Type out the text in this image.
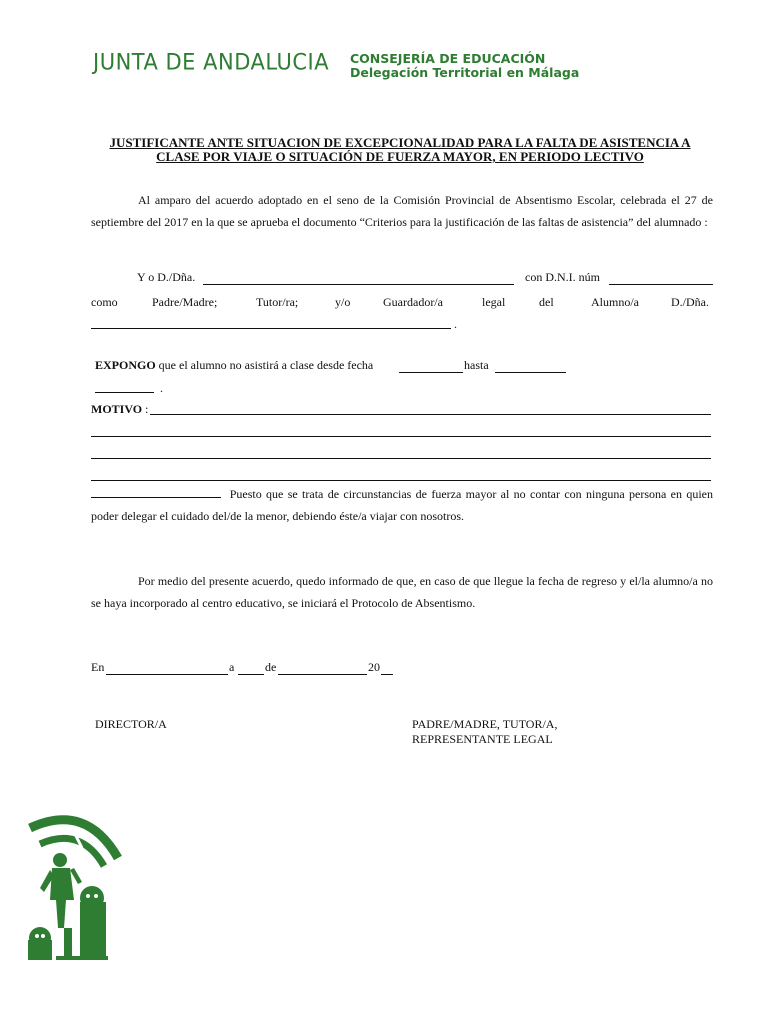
JUNTA DE ANDALUCIA CONSEJERÍA DE EDUCACIÓN
Delegación Territorial en Málaga
JUSTIFICANTE ANTE SITUACION DE EXCEPCIONALIDAD PARA LA FALTA DE ASISTENCIA A
CLASE POR VIAJE O SITUACIÓN DE FUERZA MAYOR, EN PERIODO LECTIVO
Al amparo del acuerdo adoptado en el seno de la Comisión Provincial de Absentismo Escolar, celebrada el 27 de septiembre del 2017 en la que se aprueba el documento “Criterios para la justificación de las faltas de asistencia” del alumnado :
Y o D./Dña.	con D.N.I. núm
como	Padre/Madre;	Tutor/ra;	y/o	Guardador/a	legal	del	Alumno/a	D./Dña.
.
EXPONGO que el alumno no asistirá a clase desde fecha	hasta
.
MOTIVO :
Puesto que se trata de circunstancias de fuerza mayor al no contar con ninguna persona en quien poder delegar el cuidado del/de la menor, debiendo éste/a viajar con nosotros.
Por medio del presente acuerdo, quedo informado de que, en caso de que llegue la fecha de regreso y el/la alumno/a no se haya incorporado al centro educativo, se iniciará el Protocolo de Absentismo.
En	a	de	20
DIRECTOR/A	PADRE/MADRE, TUTOR/A,
REPRESENTANTE LEGAL
